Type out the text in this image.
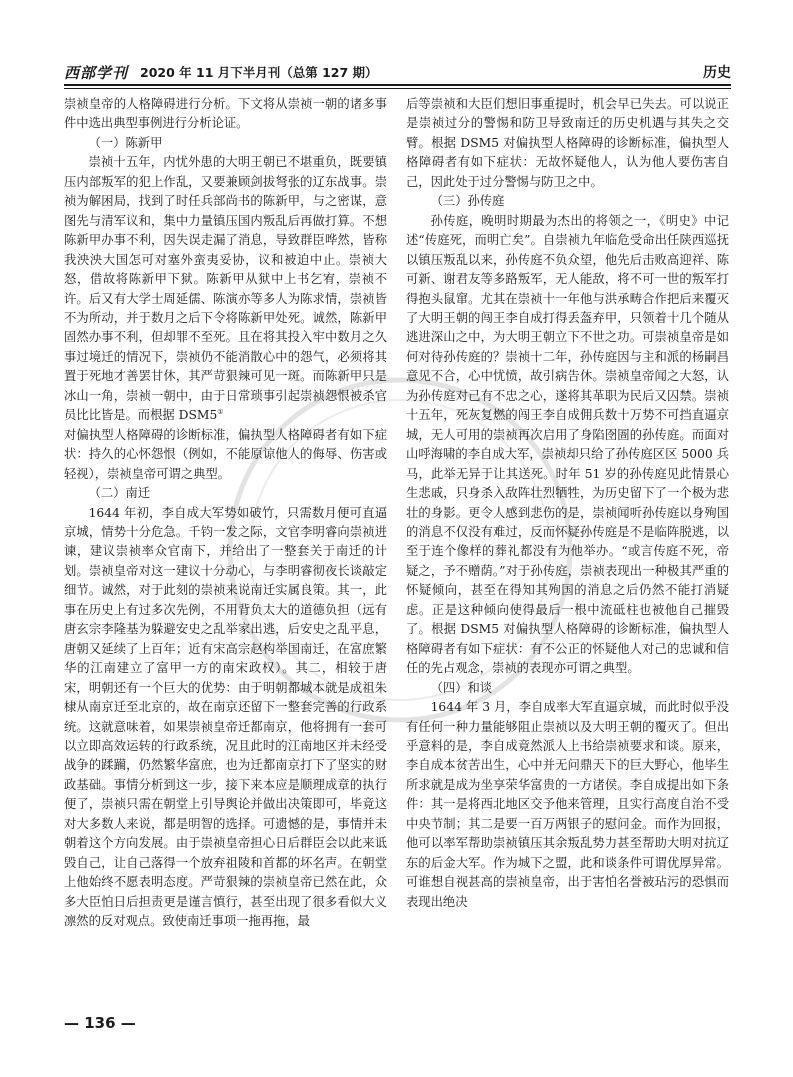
西部学刊 2020 年 11 月下半月刊（总第 127 期）	历史

崇祯皇帝的人格障碍进行分析。下文将从崇祯一朝的诸多事件中选出典型事例进行分析论证。

（一）陈新甲

崇祯十五年，内忧外患的大明王朝已不堪重负，既要镇压内部叛军的犯上作乱，又要兼顾剑拔弩张的辽东战事。崇祯为解困局，找到了时任兵部尚书的陈新甲，与之密谋，意图先与清军议和，集中力量镇压国内叛乱后再做打算。不想陈新甲办事不利，因失误走漏了消息，导致群臣哗然，皆称我泱泱大国怎可对塞外蛮夷妥协，议和被迫中止。崇祯大怒，借故将陈新甲下狱。陈新甲从狱中上书乞宥，崇祯不许。后又有大学士周延儒、陈演亦等多人为陈求情，崇祯皆不为所动，并于数月之后下令将陈新甲处死。诚然，陈新甲固然办事不利，但却罪不至死。且在将其投入牢中数月之久事过境迁的情况下，崇祯仍不能消散心中的怨气，必须将其置于死地才善罢甘休，其严苛狠辣可见一斑。而陈新甲只是冰山一角，崇祯一朝中，由于日常琐事引起崇祯怨恨被杀官员比比皆是。而根据 DSM5①

对偏执型人格障碍的诊断标准，偏执型人格障碍者有如下症状：持久的心怀怨恨（例如，不能原谅他人的侮辱、伤害或轻视），崇祯皇帝可谓之典型。

（二）南迁

1644 年初，李自成大军势如破竹，只需数月便可直逼京城，情势十分危急。千钧一发之际，文官李明睿向崇祯进谏，建议崇祯率众官南下，并给出了一整套关于南迁的计划。崇祯皇帝对这一建议十分动心，与李明睿彻夜长谈敲定细节。诚然，对于此刻的崇祯来说南迁实属良策。其一，此事在历史上有过多次先例，不用背负太大的道德负担（远有唐玄宗李隆基为躲避安史之乱举家出逃，后安史之乱平息，唐朝又延续了上百年；近有宋高宗赵构举国南迁，在富庶繁华的江南建立了富甲一方的南宋政权）。其二，相较于唐宋，明朝还有一个巨大的优势：由于明朝都城本就是成祖朱棣从南京迁至北京的，故在南京还留下一整套完善的行政系统。这就意味着，如果崇祯皇帝迁都南京，他将拥有一套可以立即高效运转的行政系统，况且此时的江南地区并未经受战争的蹂躏，仍然繁华富庶，也为迁都南京打下了坚实的财政基础。事情分析到这一步，接下来本应是顺理成章的执行便了，崇祯只需在朝堂上引导舆论并做出决策即可，毕竟这对大多数人来说，都是明智的选择。可遗憾的是，事情并未朝着这个方向发展。由于崇祯皇帝担心日后群臣会以此来诋毁自己，让自己落得一个放弃祖陵和首都的坏名声。在朝堂上他始终不愿表明态度。严苛狠辣的崇祯皇帝已然在此，众多大臣怕日后担责更是谨言慎行，甚至出现了很多看似大义凛然的反对观点。致使南迁事项一拖再拖，最

后等崇祯和大臣们想旧事重提时，机会早已失去。可以说正是崇祯过分的警惕和防卫导致南迁的历史机遇与其失之交臂。根据 DSM5 对偏执型人格障碍的诊断标准，偏执型人格障碍者有如下症状：无故怀疑他人，认为他人要伤害自己，因此处于过分警惕与防卫之中。

（三）孙传庭

孙传庭，晚明时期最为杰出的将领之一，《明史》中记述“传庭死，而明亡矣”。自崇祯九年临危受命出任陕西巡抚以镇压叛乱以来，孙传庭不负众望，他先后击败高迎祥、陈可新、谢君友等多路叛军，无人能敌，将不可一世的叛军打得抱头鼠窜。尤其在崇祯十一年他与洪承畴合作把后来覆灭了大明王朝的闯王李自成打得丢盔弃甲，只领着十几个随从逃进深山之中，为大明王朝立下不世之功。可崇祯皇帝是如何对待孙传庭的？崇祯十二年，孙传庭因与主和派的杨嗣昌意见不合，心中忧愤，故引病告休。崇祯皇帝闻之大怒，认为孙传庭对己有不忠之心，遂将其革职为民后又囚禁。崇祯十五年，死灰复燃的闯王李自成佣兵数十万势不可挡直逼京城，无人可用的崇祯再次启用了身陷囹圄的孙传庭。而面对山呼海啸的李自成大军，崇祯却只给了孙传庭区区 5000 兵马，此举无异于让其送死。时年 51 岁的孙传庭见此情景心生悲戚，只身杀入敌阵壮烈牺牲，为历史留下了一个极为悲壮的身影。更令人感到悲伤的是，崇祯闻听孙传庭以身殉国的消息不仅没有难过，反而怀疑孙传庭是不是临阵脱逃，以至于连个像样的葬礼都没有为他举办。“或言传庭不死，帝疑之，予不赠荫。”对于孙传庭，崇祯表现出一种极其严重的怀疑倾向，甚至在得知其殉国的消息之后仍然不能打消疑虑。正是这种倾向使得最后一根中流砥柱也被他自己摧毁了。根据 DSM5 对偏执型人格障碍的诊断标准，偏执型人格障碍者有如下症状：有不公正的怀疑他人对己的忠诚和信任的先占观念，崇祯的表现亦可谓之典型。

（四）和谈

1644 年 3 月，李自成率大军直逼京城，而此时似乎没有任何一种力量能够阻止崇祯以及大明王朝的覆灭了。但出乎意料的是，李自成竟然派人上书给崇祯要求和谈。原来，李自成本贫苦出生，心中并无问鼎天下的巨大野心，他毕生所求就是成为坐享荣华富贵的一方诸侯。李自成提出如下条件：其一是将西北地区交予他来管理，且实行高度自治不受中央节制；其二是要一百万两银子的慰问金。而作为回报，他可以率军帮助崇祯镇压其余叛乱势力甚至帮助大明对抗辽东的后金大军。作为城下之盟，此和谈条件可谓优厚异常。可谁想自视甚高的崇祯皇帝，出于害怕名誉被玷污的恐惧而表现出绝决

— 136 —
